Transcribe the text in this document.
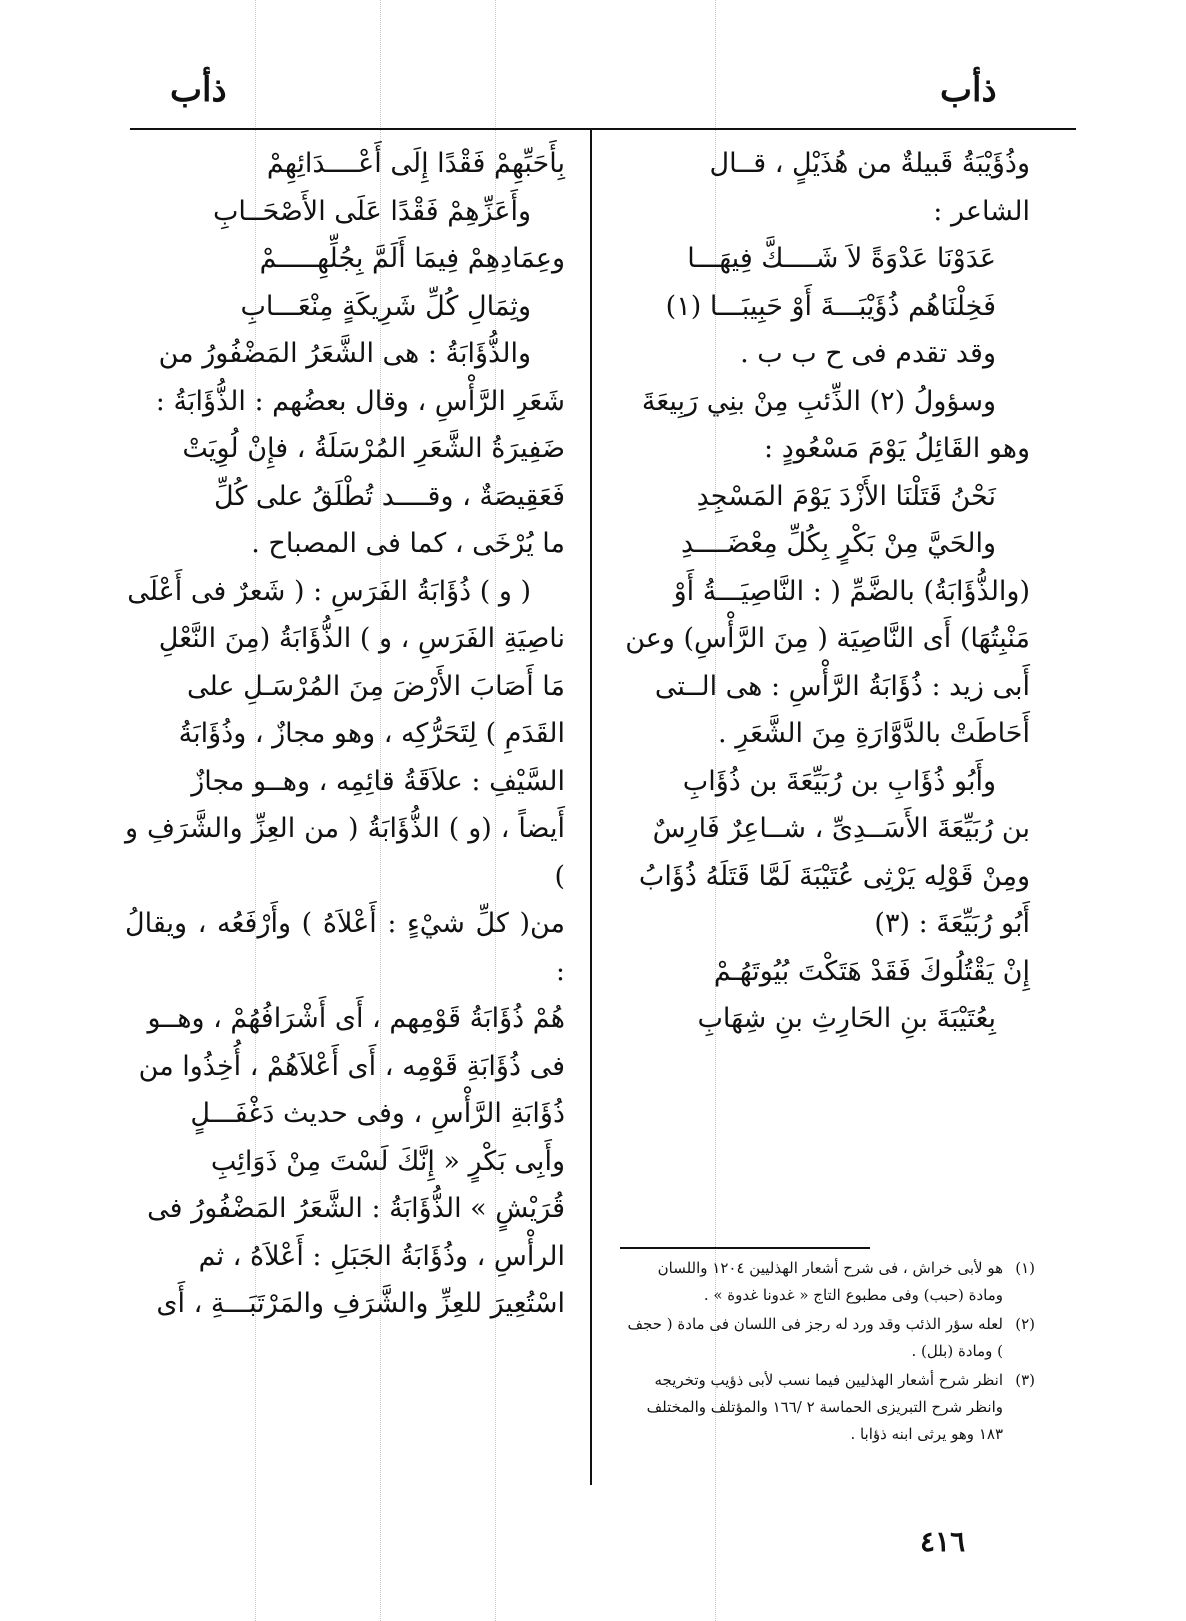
ذأب	ذأب

وذُؤَيْبَةُ قَبيلةٌ من هُذَيْلٍ ، قــال

الشاعر :

عَدَوْنَا عَدْوَةً لاَ شَــــكَّ فِيهَـــا

فَخِلْنَاهُم ذُؤَيْبَـــةَ أَوْ حَبِيبَـــا (١)

وقد تقدم فى ح ب ب .

وسؤولُ (٢) الذِّئبِ مِنْ بنِي رَبِيعَةَ

وهو القَائِلُ يَوْمَ مَسْعُودٍ :

نَحْنُ قَتَلْنَا الأَزْدَ يَوْمَ المَسْجِدِ

والحَيَّ مِنْ بَكْرٍ بِكُلِّ مِعْضَــــدِ

(والذُّؤَابَةُ) بالضَّمِّ ( : النَّاصِيَـــةُ أَوْ

مَنْبِتُهَا) أَى النَّاصِيَة ( مِنَ الرَّأْسِ) وعن

أَبى زيد : ذُؤَابَةُ الرَّأْسِ : هى الــتى

أَحَاطَتْ بالدَّوَّارَةِ مِنَ الشَّعَرِ .

وأَبُو ذُؤَابِ بن رُبَيِّعَةَ بن ذُؤَابِ

بن رُبَيِّعَةَ الأَسَــدِىِّ ، شــاعِرٌ فَارِسٌ

ومِنْ قَوْلِه يَرْثِى عُتَيْبَةَ لَمَّا قَتَلَهُ ذُؤَابُ

أَبُو رُبَيِّعَةَ : (٣)

إِنْ يَقْتُلُوكَ فَقَدْ هَتَكْتَ بُيُوتَهُـمْ

بِعُتَيْبَةَ بنِ الحَارِثِ بنِ شِهَابِ

بِأَحَبِّهِمْ فَقْدًا إِلَى أَعْــــدَائِهِمْ

وأَعَزِّهِمْ فَقْدًا عَلَى الأَصْحَــابِ

وعِمَادِهِمْ فِيمَا أَلَمَّ بِجُلِّهِـــــمْ

وثِمَالِ كُلِّ شَرِيكَةٍ مِنْعَـــابِ

والذُّؤَابَةُ : هى الشَّعَرُ المَضْفُورُ من

شَعَرِ الرَّأْسِ ، وقال بعضُهم : الذُّؤَابَةُ :

ضَفِيرَةُ الشَّعَرِ المُرْسَلَةُ ، فإِنْ لُوِيَتْ

فَعَقِيصَةٌ ، وقــــد تُطْلَقُ على كُلِّ

ما يُرْخَى ، كما فى المصباح .

( و ) ذُؤَابَةُ الفَرَسِ : ( شَعرٌ فى أَعْلَى

ناصِيَةِ الفَرَسِ ، و ) الذُّؤَابَةُ (مِنَ النَّعْلِ

مَا أَصَابَ الأَرْضَ مِنَ المُرْسَـلِ على

القَدَمِ ) لِتَحَرُّكِه ، وهو مجازٌ ، وذُؤَابَةُ

السَّيْفِ : علاَقَةُ قائِمِه ، وهــو مجازٌ

أَيضاً ، (و ) الذُّؤَابَةُ ( من العِزِّ والشَّرَفِ و )

من( كلِّ شيْءٍ : أَعْلاَهُ ) وأَرْفَعُه ، ويقالُ :

هُمْ ذُؤَابَةُ قَوْمِهم ، أَى أَشْرَافُهُمْ ، وهــو

فى ذُؤَابَةِ قَوْمِه ، أَى أَعْلاَهُمْ ، أُخِذُوا من

ذُؤَابَةِ الرَّأْسِ ، وفى حديث دَغْفَـــلٍ

وأَبِى بَكْرٍ « إِنَّكَ لَسْتَ مِنْ ذَوَائِبِ

قُرَيْشٍ » الذُّؤَابَةُ : الشَّعَرُ المَضْفُورُ فى

الرأْسِ ، وذُؤَابَةُ الجَبَلِ : أَعْلاَهُ ، ثم

اسْتُعِيرَ للعِزِّ والشَّرَفِ والمَرْتَبَـــةِ ، أَى

(١)
هو لأبى خراش ، فى شرح أشعار الهذليين ١٢٠٤ واللسان ومادة (حبب) وفى مطبوع التاج « غدونا غدوة » .
(٢)
لعله سؤر الذئب وقد ورد له رجز فى اللسان فى مادة ( حجف ) ومادة (بلل) .
(٣)
انظر شرح أشعار الهذليين فيما نسب لأبى ذؤيب وتخريجه وانظر شرح التبريزى الحماسة ٢ /١٦٦ والمؤتلف والمختلف ١٨٣ وهو يرثى ابنه ذؤابا .
٤١٦
